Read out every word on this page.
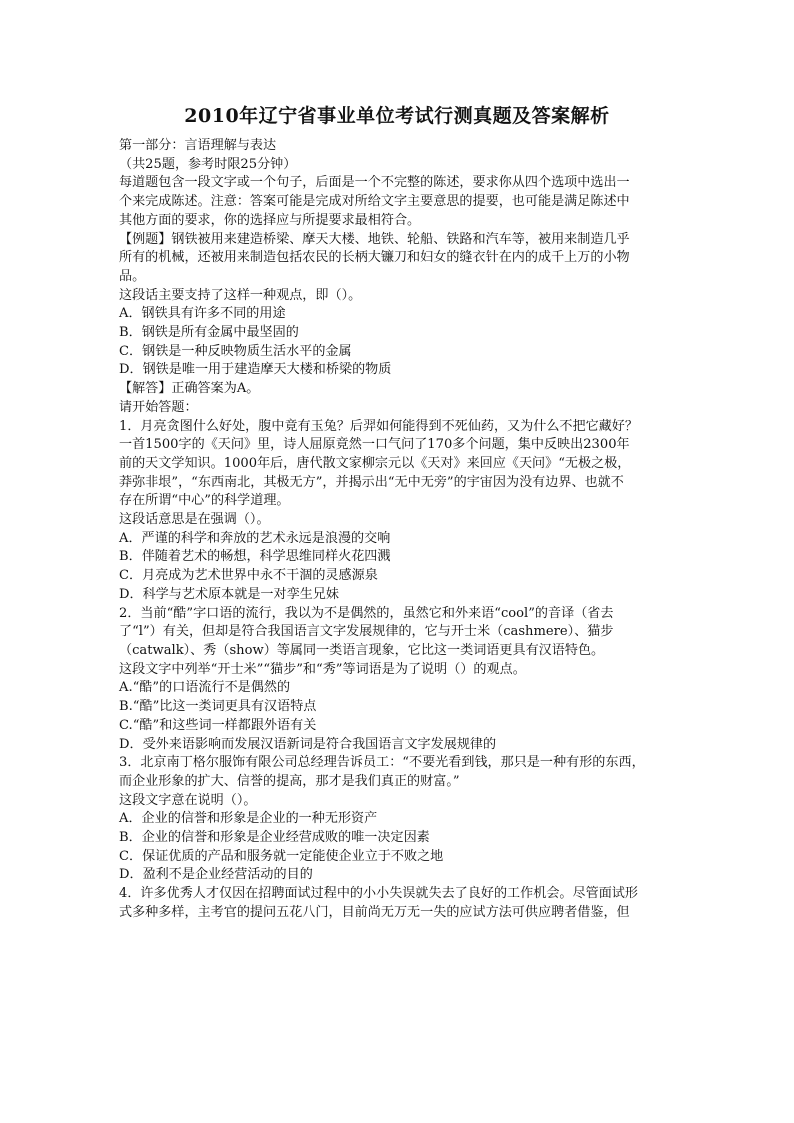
2010年辽宁省事业单位考试行测真题及答案解析

第一部分：言语理解与表达

（共25题，参考时限25分钟）

每道题包含一段文字或一个句子，后面是一个不完整的陈述，要求你从四个选项中选出一

个来完成陈述。注意：答案可能是完成对所给文字主要意思的提要，也可能是满足陈述中

其他方面的要求，你的选择应与所提要求最相符合。

【例题】钢铁被用来建造桥梁、摩天大楼、地铁、轮船、铁路和汽车等，被用来制造几乎

所有的机械，还被用来制造包括农民的长柄大镰刀和妇女的缝衣针在内的成千上万的小物

品。

这段话主要支持了这样一种观点，即（）。

A．钢铁具有许多不同的用途

B．钢铁是所有金属中最坚固的

C．钢铁是一种反映物质生活水平的金属

D．钢铁是唯一用于建造摩天大楼和桥梁的物质

【解答】正确答案为A。

请开始答题：

1．月亮贪图什么好处，腹中竟有玉兔？后羿如何能得到不死仙药，又为什么不把它藏好？

一首1500字的《天问》里，诗人屈原竟然一口气问了170多个问题，集中反映出2300年

前的天文学知识。1000年后，唐代散文家柳宗元以《天对》来回应《天问》“无极之极，

莽弥非垠”，“东西南北，其极无方”，并揭示出“无中无旁”的宇宙因为没有边界、也就不

存在所谓“中心”的科学道理。

这段话意思是在强调（）。

A．严谨的科学和奔放的艺术永远是浪漫的交响

B．伴随着艺术的畅想，科学思维同样火花四溅

C．月亮成为艺术世界中永不干涸的灵感源泉

D．科学与艺术原本就是一对孪生兄妹

2．当前“酷”字口语的流行，我以为不是偶然的，虽然它和外来语“cool”的音译（省去

了“l”）有关，但却是符合我国语言文字发展规律的，它与开士米（cashmere）、猫步

（catwalk）、秀（show）等属同一类语言现象，它比这一类词语更具有汉语特色。

这段文字中列举“开士米”“猫步”和“秀”等词语是为了说明（）的观点。

A.“酷”的口语流行不是偶然的

B.“酷”比这一类词更具有汉语特点

C.“酷”和这些词一样都跟外语有关

D．受外来语影响而发展汉语新词是符合我国语言文字发展规律的

3．北京南丁格尔服饰有限公司总经理告诉员工：“不要光看到钱，那只是一种有形的东西，

而企业形象的扩大、信誉的提高，那才是我们真正的财富。”

这段文字意在说明（）。

A．企业的信誉和形象是企业的一种无形资产

B．企业的信誉和形象是企业经营成败的唯一决定因素

C．保证优质的产品和服务就一定能使企业立于不败之地

D．盈利不是企业经营活动的目的

4．许多优秀人才仅因在招聘面试过程中的小小失误就失去了良好的工作机会。尽管面试形

式多种多样，主考官的提问五花八门，目前尚无万无一失的应试方法可供应聘者借鉴，但
